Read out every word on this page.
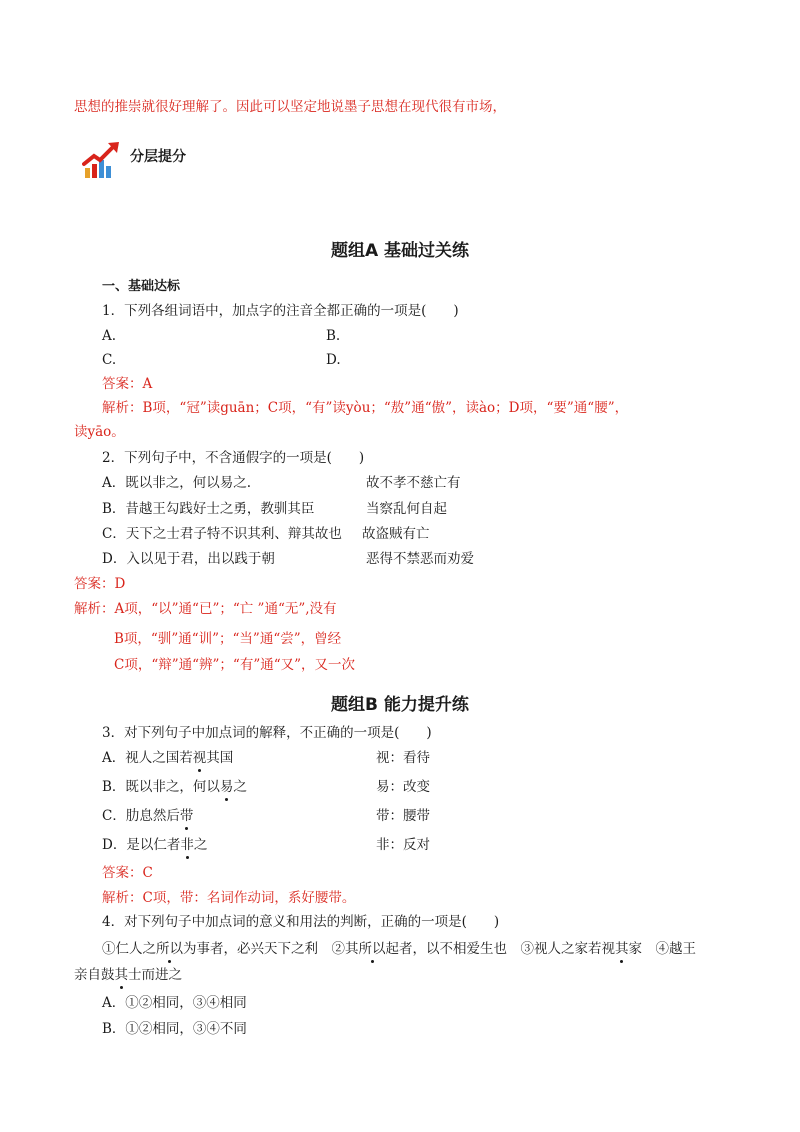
思想的推崇就很好理解了。因此可以坚定地说墨子思想在现代很有市场，
分层提分
题组A 基础过关练
一、基础达标
1．下列各组词语中，加点字的注音全都正确的一项是(　　)
A.	B.
C.	D.
答案：A
解析：B项，“冠”读guān；C项，“有”读yòu；“敖”通“傲”，读ào；D项，“要”通“腰”，
读yāo。
2．下列句子中，不含通假字的一项是(　　)
A．既以非之，何以易之.	故不孝不慈亡有
B．昔越王勾践好士之勇，教驯其臣	当察乱何自起
C．天下之士君子特不识其利、辩其故也 故盗贼有亡
D．入以见于君，出以践于朝	恶得不禁恶而劝爱
答案：D
解析：A项，“以”通“已”；“亡 ”通“无”,没有
B项，“驯”通“训”；“当”通“尝”，曾经
C项，“辩”通“辨”；“有”通“又”，又一次
题组B 能力提升练
3．对下列句子中加点词的解释，不正确的一项是(　　)
A．视人之国若视其国	视：看待
B．既以非之，何以易之	易：改变
C．肋息然后带	带：腰带
D．是以仁者非之	非：反对
答案：C
解析：C项，带：名词作动词，系好腰带。
4．对下列句子中加点词的意义和用法的判断，正确的一项是(　　)
①仁人之所以为事者，必兴天下之利　②其所以起者，以不相爱生也　③视人之家若视其家　④越王
亲自鼓其士而进之
A．①②相同，③④相同
B．①②相同，③④不同
